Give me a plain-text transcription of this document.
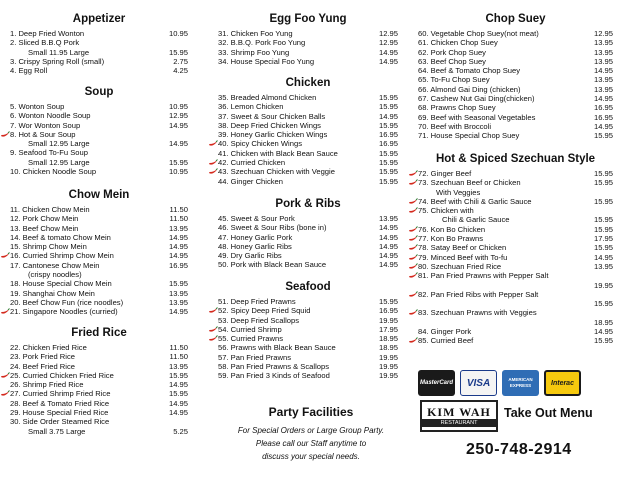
Appetizer
1. Deep Fried Wonton	10.95
2. Sliced B.B.Q Pork
Small 11.95 Large	15.95
3. Crispy Spring Roll (small)	2.75
4. Egg Roll	4.25
Soup
5. Wonton Soup	10.95
6. Wonton Noodle Soup	12.95
7. Wor Wonton Soup	14.95
8. Hot & Sour Soup
Small 12.95 Large	14.95
9. Seafood To-Fu Soup
Small 12.95 Large	15.95
10. Chicken Noodle Soup	10.95
Chow Mein
11. Chicken Chow Mein	11.50
12. Pork Chow Mein	11.50
13. Beef Chow Mein	13.95
14. Beef & tomato Chow Mein	14.95
15. Shrimp Chow Mein	14.95
16. Curried Shrimp Chow Mein	14.95
17. Cantonese Chow Mein	16.95
(crispy noodles)
18. House Special Chow Mein	15.95
19. Shanghai Chow Mein	13.95
20. Beef Chow Fun (rice noodles)	13.95
21. Singapore Noodles (curried)	14.95
Fried Rice
22. Chicken Fried Rice	11.50
23. Pork Fried Rice	11.50
24. Beef Fried Rice	13.95
25. Curried Chicken Fried Rice	15.95
26. Shrimp Fried Rice	14.95
27. Curried Shrimp Fried Rice	15.95
28. Beef & Tomato Fried Rice	14.95
29. House Special Fried Rice	14.95
30. Side Order Steamed Rice
Small 3.75 Large	5.25
Egg Foo Yung
31. Chicken Foo Yung	12.95
32. B.B.Q. Pork Foo Yung	12.95
33. Shrimp Foo Yung	14.95
34. House Special Foo Yung	14.95
Chicken
35. Breaded Almond Chicken	15.95
36. Lemon Chicken	15.95
37. Sweet & Sour Chicken Balls	14.95
38. Deep Fried Chicken Wings	15.95
39. Honey Garlic Chicken Wings	16.95
40. Spicy Chicken Wings	16.95
41. Chicken with Black Bean Sauce	15.95
42. Curried Chicken	15.95
43. Szechuan Chicken with Veggie	15.95
44. Ginger Chicken	15.95
Pork & Ribs
45. Sweet & Sour Pork	13.95
46. Sweet & Sour Ribs (bone in)	14.95
47. Honey Garlic Pork	14.95
48. Honey Garlic Ribs	14.95
49. Dry Garlic Ribs	14.95
50. Pork with Black Bean Sauce	14.95
Seafood
51. Deep Fried Prawns	15.95
52. Spicy Deep Fried Squid	16.95
53. Deep Fried Scallops	19.95
54. Curried Shrimp	17.95
55. Curried Prawns	18.95
56. Prawns with Black Bean Sauce	18.95
57. Pan Fried Prawns	19.95
58. Pan Fried Prawns & Scallops	19.95
59. Pan Fried 3 Kinds of Seafood	19.95
Chop Suey
60. Vegetable Chop Suey(not meat)	12.95
61. Chicken Chop Suey	13.95
62. Pork Chop Suey	13.95
63. Beef Chop Suey	13.95
64. Beef & Tomato Chop Suey	14.95
65. To-Fu Chop Suey	13.95
66. Almond Gai Ding (chicken)	13.95
67. Cashew Nut Gai Ding(chicken)	14.95
68. Prawns Chop Suey	16.95
69. Beef with Seasonal Vegetables	16.95
70. Beef with Broccoli	14.95
71. House Special Chop Suey	15.95
Hot & Spiced Szechuan Style
72. Ginger Beef	15.95
73. Szechuan Beef or Chicken	15.95
With Veggies
74. Beef with Chili & Garlic Sauce	15.95
75. Chicken with
Chili & Garlic Sauce	15.95
76. Kon Bo Chicken	15.95
77. Kon Bo Prawns	17.95
78. Satay Beef or Chicken	15.95
79. Minced Beef with To-fu	14.95
80. Szechuan Fried Rice	13.95
81. Pan Fried Prawns with Pepper Salt
19.95
82. Pan Fried Ribs with Pepper Salt
15.95
83. Szechuan Prawns with Veggies
18.95
84. Ginger Pork	14.95
85. Curried Beef	15.95
Party Facilities

For Special Orders or Large Group Party.

Please call our Staff anytime to

discuss your special needs.

MasterCard VISA	AMERICAN EXPRESS	Interac
KIM WAH
RESTAURANT
Take Out Menu
250-748-2914
